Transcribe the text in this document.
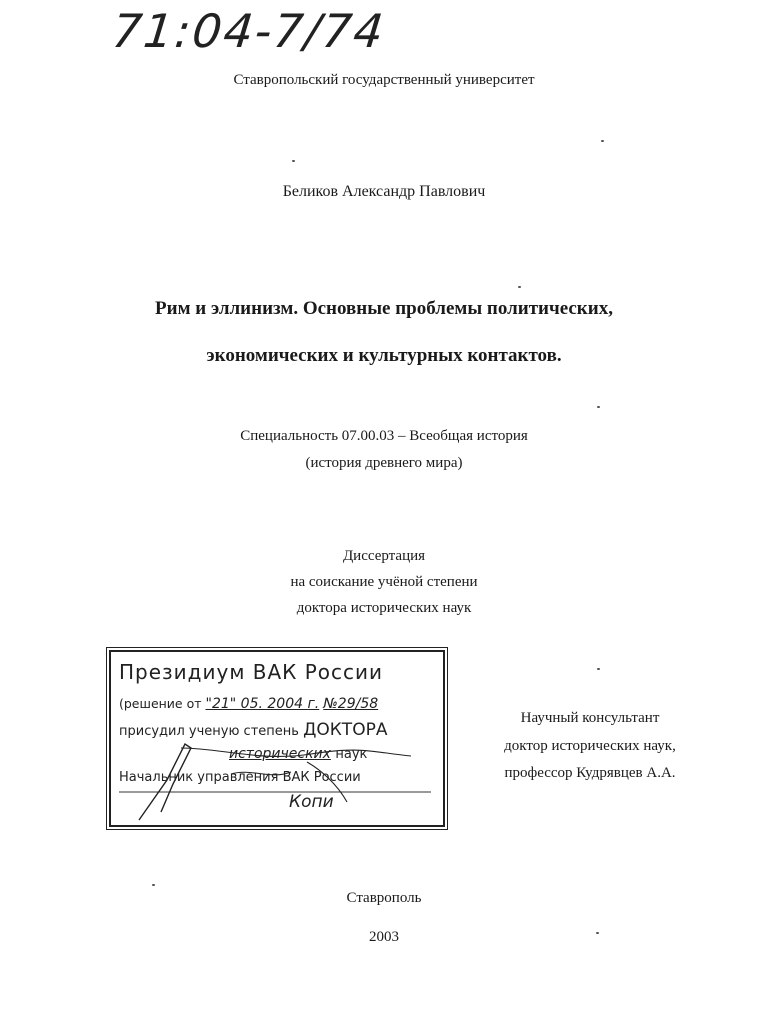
71:04-7/74
Ставропольский государственный университет
Беликов Александр Павлович
Рим и эллинизм. Основные проблемы политических,
экономических и культурных контактов.
Специальность 07.00.03 – Всеобщая история
(история древнего мира)
Диссертация
на соискание учёной степени
доктора исторических наук
Президиум ВАК России
(решение от "21" 05. 2004 г. №29/58
присудил ученую степень ДОКТОРА
исторических наук
Начальник управления ВАК России
Копи
Научный консультант
доктор исторических наук,
профессор Кудрявцев А.А.
Ставрополь
2003
